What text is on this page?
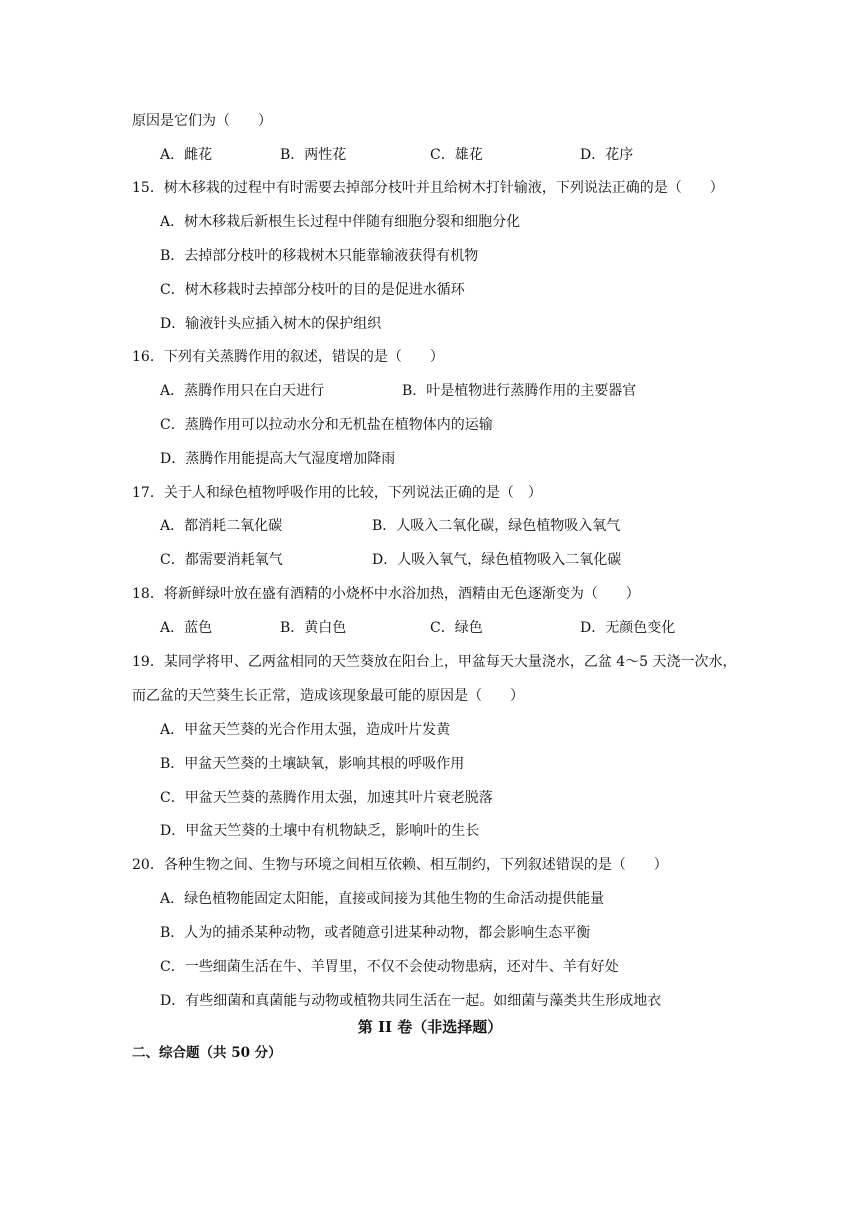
原因是它们为（　　）
A．雌花	B．两性花	C．雄花	D．花序
15．树木移栽的过程中有时需要去掉部分枝叶并且给树木打针输液，下列说法正确的是（　　）
A．树木移栽后新根生长过程中伴随有细胞分裂和细胞分化
B．去掉部分枝叶的移栽树木只能靠输液获得有机物
C．树木移栽时去掉部分枝叶的目的是促进水循环
D．输液针头应插入树木的保护组织
16．下列有关蒸腾作用的叙述，错误的是（　　）
A．蒸腾作用只在白天进行	B．叶是植物进行蒸腾作用的主要器官
C．蒸腾作用可以拉动水分和无机盐在植物体内的运输
D．蒸腾作用能提高大气湿度增加降雨
17．关于人和绿色植物呼吸作用的比较，下列说法正确的是（　）
A．都消耗二氧化碳	B．人吸入二氧化碳，绿色植物吸入氧气
C．都需要消耗氧气	D．人吸入氧气，绿色植物吸入二氧化碳
18．将新鲜绿叶放在盛有酒精的小烧杯中水浴加热，酒精由无色逐渐变为（　　）
A．蓝色	B．黄白色	C．绿色	D．无颜色变化
19．某同学将甲、乙两盆相同的天竺葵放在阳台上，甲盆每天大量浇水，乙盆 4～5 天浇一次水，
而乙盆的天竺葵生长正常，造成该现象最可能的原因是（　　）
A．甲盆天竺葵的光合作用太强，造成叶片发黄
B．甲盆天竺葵的土壤缺氧，影响其根的呼吸作用
C．甲盆天竺葵的蒸腾作用太强，加速其叶片衰老脱落
D．甲盆天竺葵的土壤中有机物缺乏，影响叶的生长
20．各种生物之间、生物与环境之间相互依赖、相互制约，下列叙述错误的是（　　）
A．绿色植物能固定太阳能，直接或间接为其他生物的生命活动提供能量
B．人为的捕杀某种动物，或者随意引进某种动物，都会影响生态平衡
C．一些细菌生活在牛、羊胃里，不仅不会使动物患病，还对牛、羊有好处
D．有些细菌和真菌能与动物或植物共同生活在一起。如细菌与藻类共生形成地衣
第 II 卷（非选择题）
二、综合题（共 50 分）
